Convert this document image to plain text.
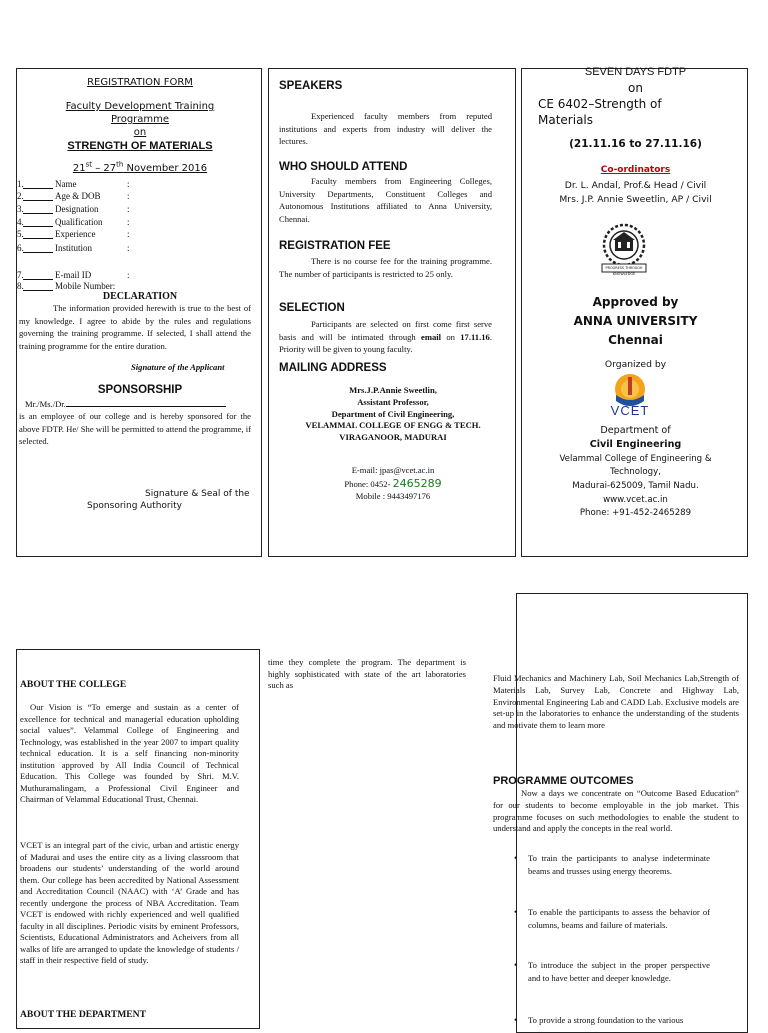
REGISTRATION FORM
Faculty Development Training
Programme
on
STRENGTH OF MATERIALS
21st – 27th November 2016
1.	Name	:
2.	Age & DOB	:
3.	Designation	:
4.	Qualification	:
5.	Experience	:
6.	Institution	:
7.	E-mail ID	:
8.	Mobile Number:
DECLARATION
The information provided herewith is true to the best of my knowledge. I agree to abide by the rules and regulations governing the training programme. If selected, I shall attend the training programme for the entire duration.
Signature of the Applicant
SPONSORSHIP
Mr./Ms./Dr.
is an employee of our college and is hereby sponsored for the above FDTP. He/ She will be permitted to attend the programme, if selected.
Signature & Seal of the
Sponsoring Authority
SPEAKERS
Experienced faculty members from reputed institutions and experts from industry will deliver the lectures.
WHO SHOULD ATTEND
Faculty members from Engineering Colleges, University Departments, Constituent Colleges and Autonomous Institutions affiliated to Anna University, Chennai.
REGISTRATION FEE
There is no course fee for the training programme. The number of participants is restricted to 25 only.
SELECTION
Participants are selected on first come first serve basis and will be intimated through email on 17.11.16. Priority will be given to young faculty.
MAILING ADDRESS
Mrs.J.P.Annie Sweetlin,
Assistant Professor,
Department of Civil Engineering,
VELAMMAL COLLEGE OF ENGG & TECH.
VIRAGANOOR, MADURAI
E-mail: jpas@vcet.ac.in
Phone: 0452- 2465289
Mobile : 9443497176
SEVEN DAYS FDTP
on
CE 6402–Strength of
Materials
(21.11.16 to 27.11.16)
Co-ordinators
Dr. L. Andal, Prof.& Head / Civil
Mrs. J.P. Annie Sweetlin, AP / Civil
PROGRESS THROUGH KNOWLEDGE
Approved by
ANNA UNIVERSITY
Chennai
Organized by
VCET
Department of
Civil Engineering
Velammal College of Engineering &
Technology,
Madurai-625009, Tamil Nadu.
www.vcet.ac.in
Phone: +91-452-2465289
ABOUT THE COLLEGE
Our Vision is “To emerge and sustain as a center of excellence for technical and managerial education upholding social values”. Velammal College of Engineering and Technology, was established in the year 2007 to impart quality technical education. It is a self financing non-minority institution approved by All India Council of Technical Education. This College was founded by Shri. M.V. Muthuramalingam, a Professional Civil Engineer and Chairman of Velammal Educational Trust, Chennai.
VCET is an integral part of the civic, urban and artistic energy of Madurai and uses the entire city as a living classroom that broadens our students’ understanding of the world around them. Our college has been accredited by National Assessment and Accreditation Council (NAAC) with ‘A’ Grade and has recently undergone the process of NBA Accreditation. Team VCET is endowed with richly experienced and well qualified faculty in all disciplines. Periodic visits by eminent Professors, Scientists, Educational Administrators and Acheivers from all walks of life are arranged to update the knowledge of students / staff in their respective field of study.
ABOUT THE DEPARTMENT
time they complete the program. The department is highly sophisticated with state of the art laboratories such as
Fluid Mechanics and Machinery Lab, Soil Mechanics Lab,Strength of Materials Lab, Survey Lab, Concrete and Highway Lab, Environmental Engineering Lab and CADD Lab. Exclusive models are set-up in the laboratories to enhance the understanding of the students and motivate them to learn more
PROGRAMME OUTCOMES
Now a days we concentrate on “Outcome Based Education” for our students to become employable in the job market. This programme focuses on such methodologies to enable the student to understand and apply the concepts in the real world.
• To train the participants to analyse indeterminate beams and trusses using energy theorems.
• To enable the participants to assess the behavior of columns, beams and failure of materials.
• To introduce the subject in the proper perspective and to have better and deeper knowledge.
• To provide a strong foundation to the various
